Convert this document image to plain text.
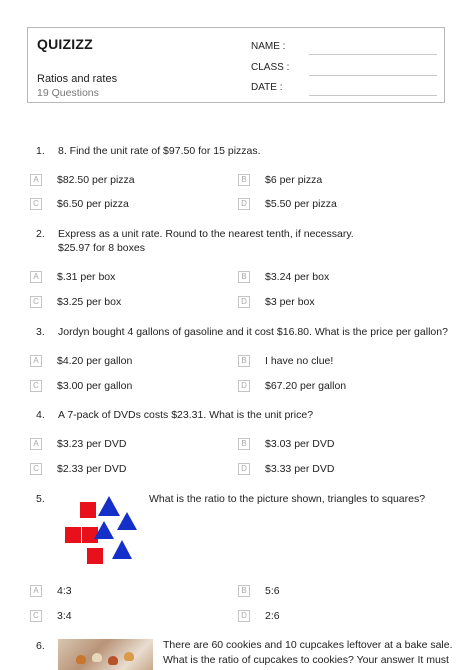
QUIZIZZ
Ratios and rates
19 Questions
NAME :
CLASS :
DATE :
1. 8. Find the unit rate of $97.50 for 15 pizzas.
A	$82.50 per pizza	B	$6 per pizza
C $6.50 per pizza	D $5.50 per pizza
2. Express as a unit rate. Round to the nearest tenth, if necessary.
$25.97 for 8 boxes
A	$.31 per box	B	$3.24 per box
C $3.25 per box	D $3 per box
3. Jordyn bought 4 gallons of gasoline and it cost $16.80. What is the price per gallon?
A	$4.20 per gallon	B	I have no clue!
C $3.00 per gallon	D $67.20 per gallon
4. A 7-pack of DVDs costs $23.31. What is the unit price?
A	$3.23 per DVD	B	$3.03 per DVD
C $2.33 per DVD	D $3.33 per DVD
5.	What is the ratio to the picture shown, triangles to squares?
A	4:3	B	5:6
C 3:4	D 2:6
6.	There are 60 cookies and 10 cupcakes leftover at a bake sale.
What is the ratio of cupcakes to cookies? Your answer It must
